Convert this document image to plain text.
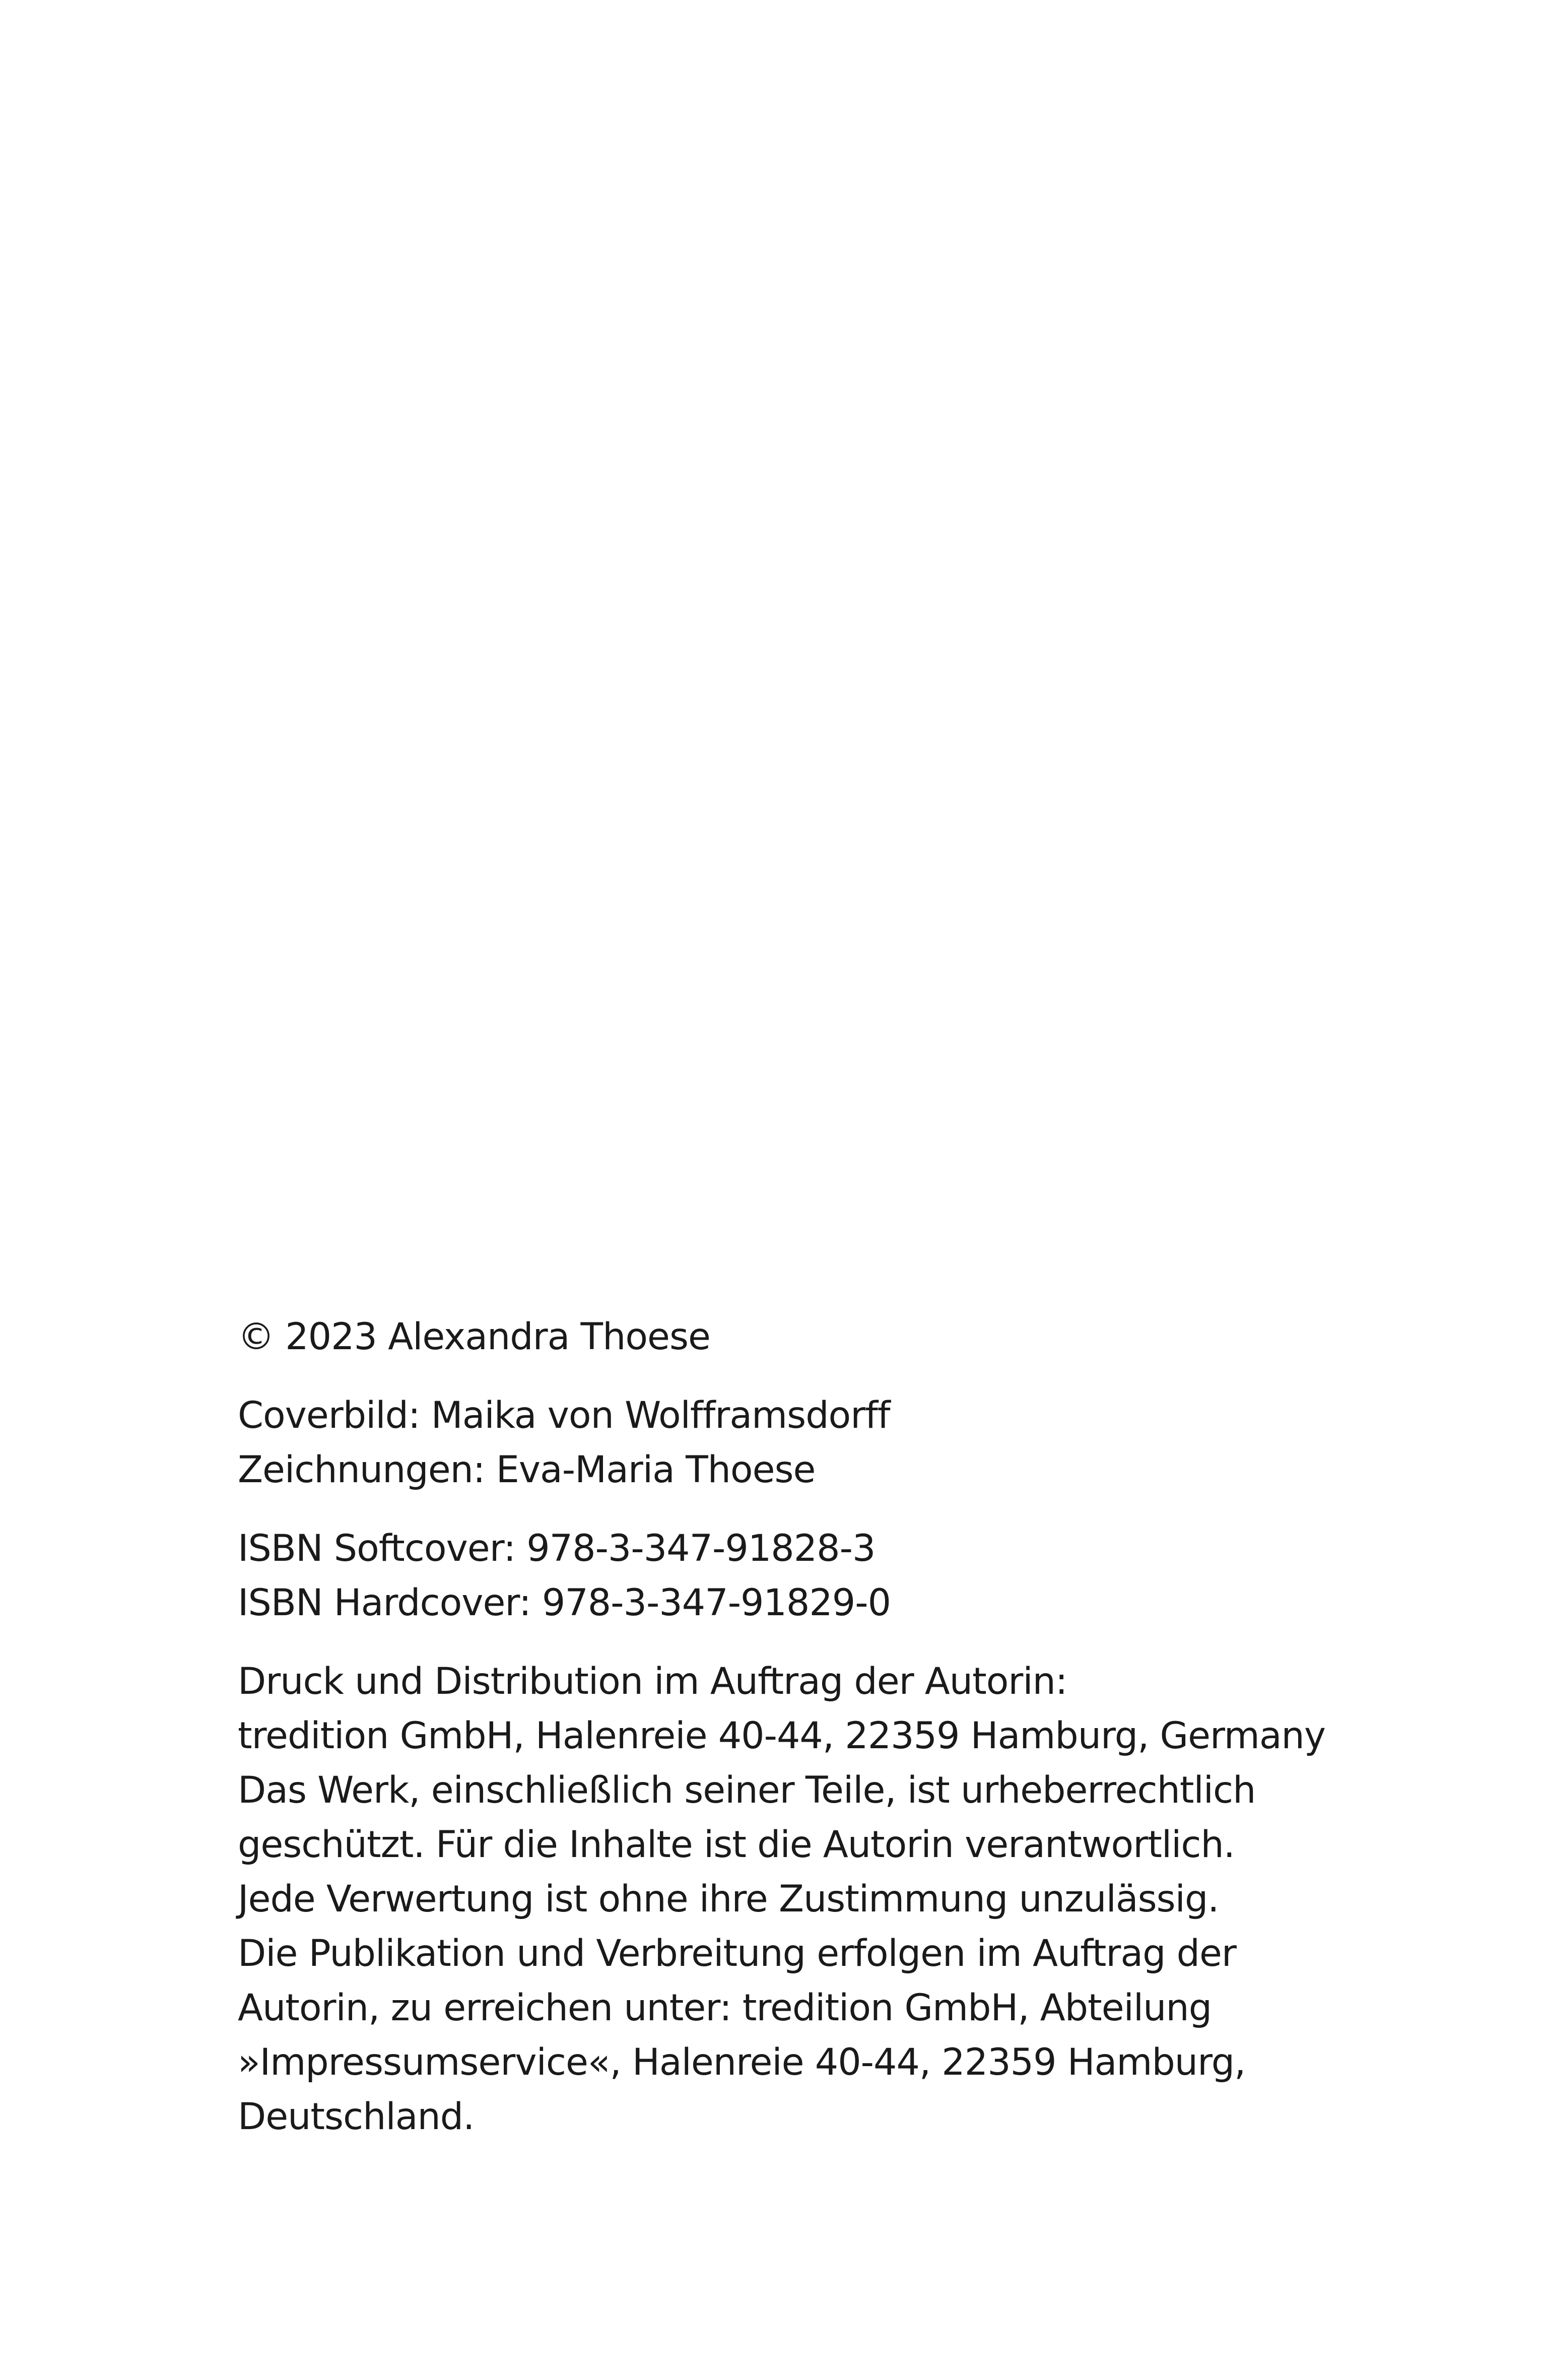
© 2023 Alexandra Thoese
Coverbild: Maika von Wolfframsdorff
Zeichnungen: Eva-Maria Thoese
ISBN Softcover: 978-3-347-91828-3
ISBN Hardcover: 978-3-347-91829-0
Druck und Distribution im Auftrag der Autorin:
tredition GmbH, Halenreie 40-44, 22359 Hamburg, Germany
Das Werk, einschließlich seiner Teile, ist urheberrechtlich
geschützt. Für die Inhalte ist die Autorin verantwortlich.
Jede Verwertung ist ohne ihre Zustimmung unzulässig.
Die Publikation und Verbreitung erfolgen im Auftrag der
Autorin, zu erreichen unter: tredition GmbH, Abteilung
»Impressumservice«, Halenreie 40-44, 22359 Hamburg,
Deutschland.
